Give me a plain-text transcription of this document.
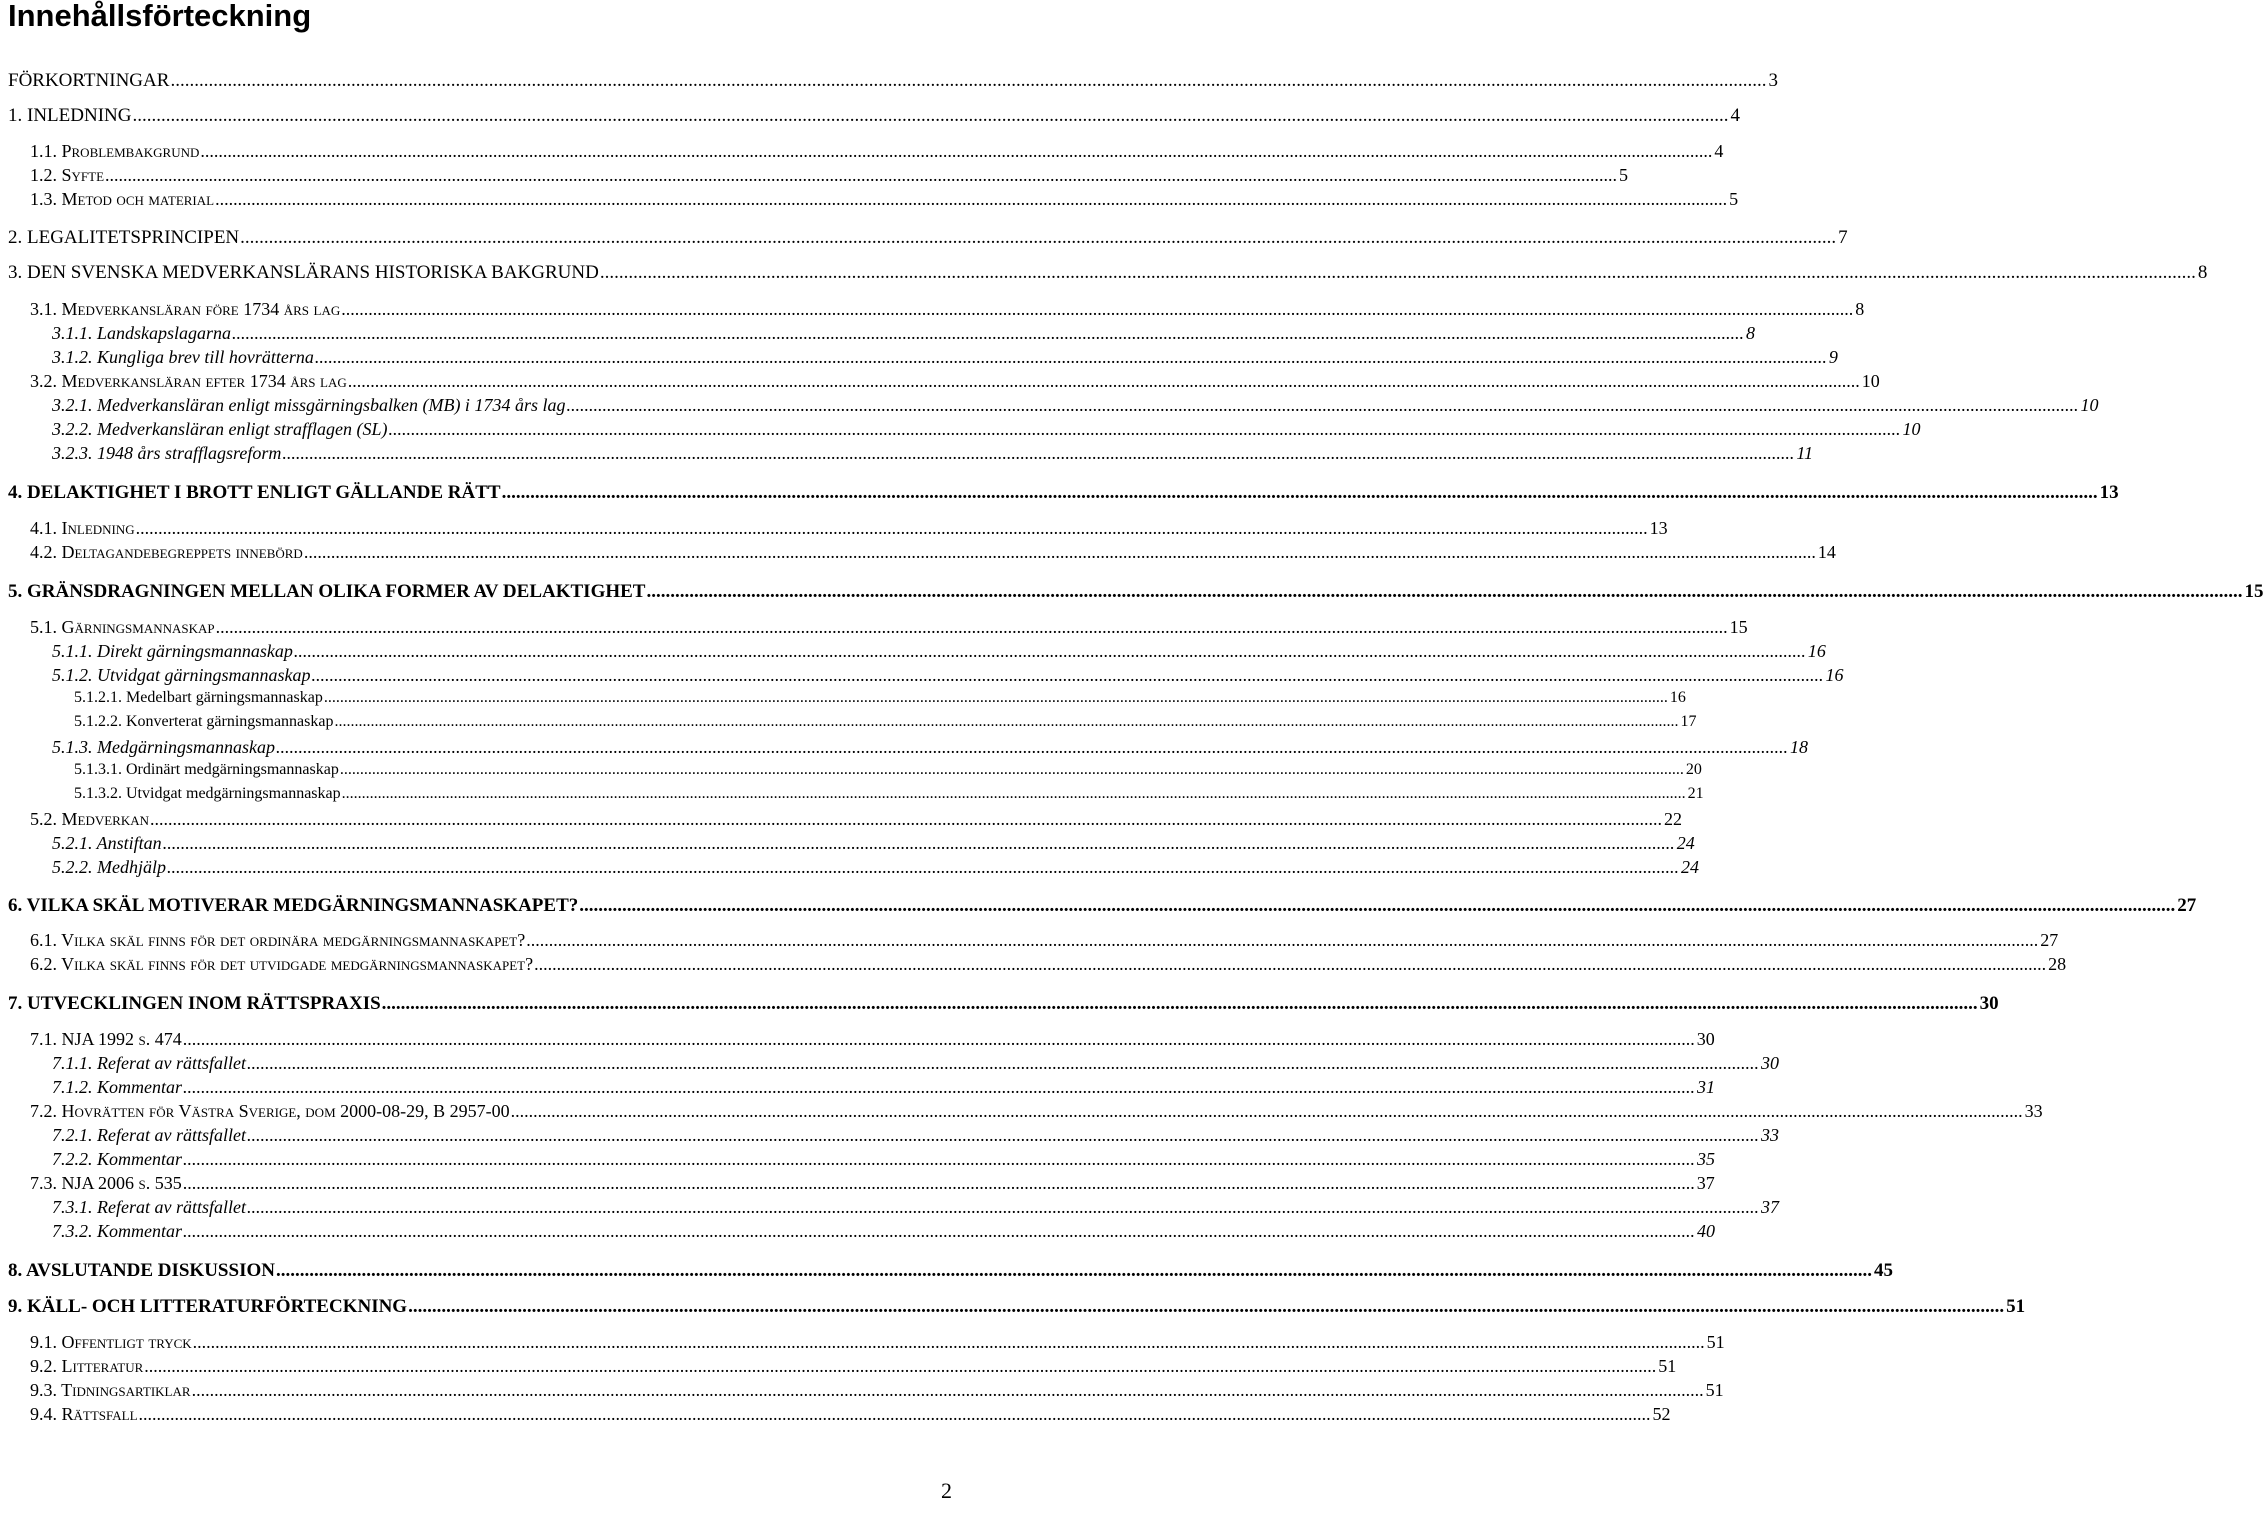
Innehållsförteckning
FÖRKORTNINGAR .....	3
1. INLEDNING .....	4
1.1. Problembakgrund .....	4
1.2. Syfte .....	5
1.3. Metod och material .....	5
2. LEGALITETSPRINCIPEN .....	7
3. DEN SVENSKA MEDVERKANSLÄRANS HISTORISKA BAKGRUND .....	8
3.1. Medverkansläran före 1734 års lag .....	8
3.1.1. Landskapslagarna .....	8
3.1.2. Kungliga brev till hovrätterna .....	9
3.2. Medverkansläran efter 1734 års lag .....	10
3.2.1. Medverkansläran enligt missgärningsbalken (MB) i 1734 års lag .....	10
3.2.2. Medverkansläran enligt strafflagen (SL) .....	10
3.2.3. 1948 års strafflagsreform .....	11
4. DELAKTIGHET I BROTT ENLIGT GÄLLANDE RÄTT .....	13
4.1. Inledning .....	13
4.2. Deltagandebegreppets innebörd .....	14
5. GRÄNSDRAGNINGEN MELLAN OLIKA FORMER AV DELAKTIGHET .....	15
5.1. Gärningsmannaskap .....	15
5.1.1. Direkt gärningsmannaskap .....	16
5.1.2. Utvidgat gärningsmannaskap .....	16
5.1.2.1. Medelbart gärningsmannaskap .....	16
5.1.2.2. Konverterat gärningsmannaskap .....	17
5.1.3. Medgärningsmannaskap .....	18
5.1.3.1. Ordinärt medgärningsmannaskap .....	20
5.1.3.2. Utvidgat medgärningsmannaskap .....	21
5.2. Medverkan .....	22
5.2.1. Anstiftan .....	24
5.2.2. Medhjälp .....	24
6. VILKA SKÄL MOTIVERAR MEDGÄRNINGSMANNASKAPET? .....	27
6.1. Vilka skäl finns för det ordinära medgärningsmannaskapet? .....	27
6.2. Vilka skäl finns för det utvidgade medgärningsmannaskapet? .....	28
7. UTVECKLINGEN INOM RÄTTSPRAXIS .....	30
7.1. NJA 1992 s. 474 .....	30
7.1.1. Referat av rättsfallet .....	30
7.1.2. Kommentar .....	31
7.2. Hovrätten för Västra Sverige, dom 2000-08-29, B 2957-00 .....	33
7.2.1. Referat av rättsfallet .....	33
7.2.2. Kommentar .....	35
7.3. NJA 2006 s. 535 .....	37
7.3.1. Referat av rättsfallet .....	37
7.3.2. Kommentar .....	40
8. AVSLUTANDE DISKUSSION .....	45
9. KÄLL- OCH LITTERATURFÖRTECKNING .....	51
9.1. Offentligt tryck .....	51
9.2. Litteratur .....	51
9.3. Tidningsartiklar .....	51
9.4. Rättsfall .....	52
2
